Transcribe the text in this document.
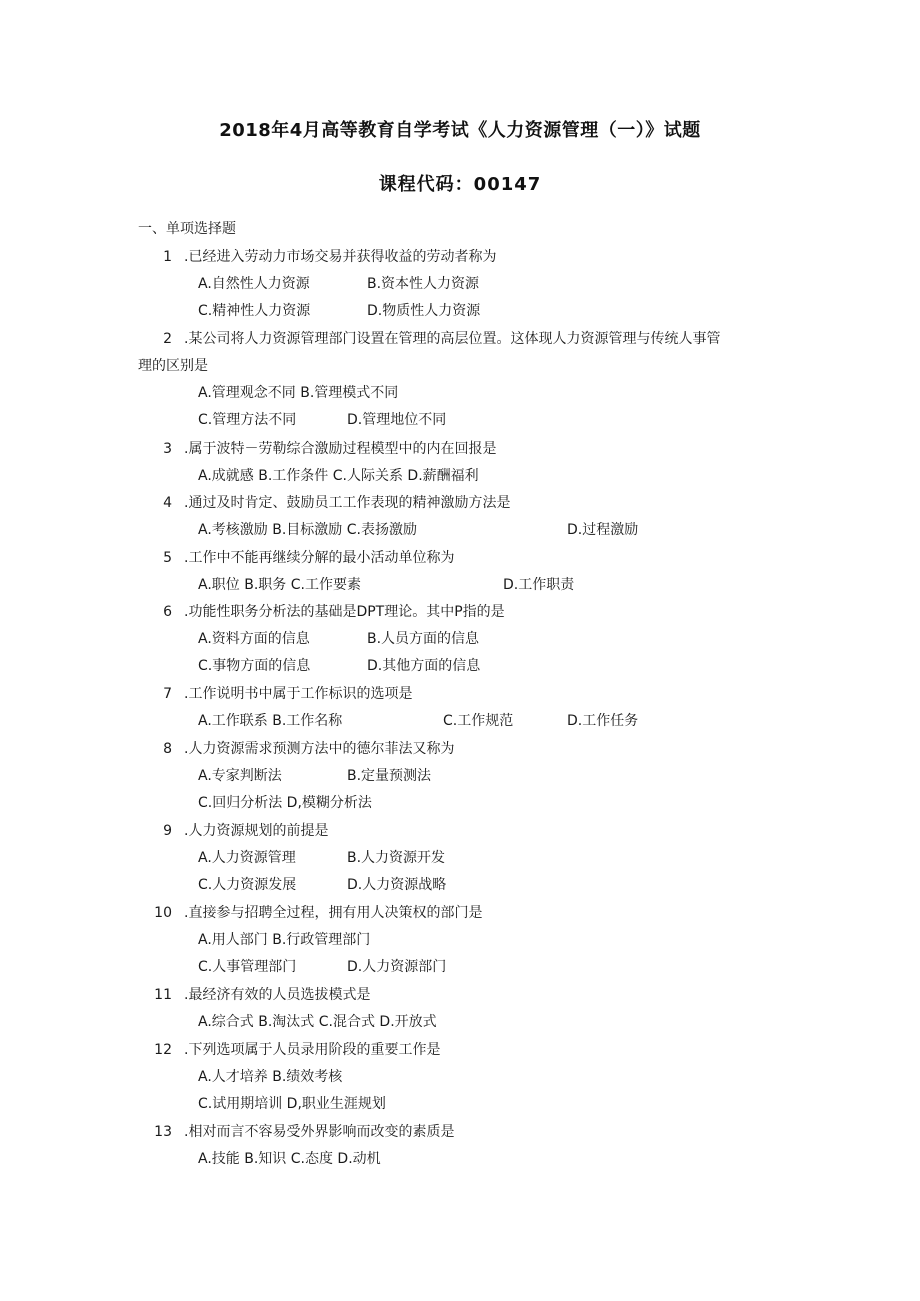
2018年4月高等教育自学考试《人力资源管理（一）》试题
课程代码：00147
一、单项选择题
1 .已经进入劳动力市场交易并获得收益的劳动者称为
A.自然性人力资源	B.资本性人力资源
C.精神性人力资源	D.物质性人力资源
2 .某公司将人力资源管理部门设置在管理的高层位置。这体现人力资源管理与传统人事管
理的区别是
A.管理观念不同 B.管理模式不同
C.管理方法不同	D.管理地位不同
3 .属于波特－劳勒综合激励过程模型中的内在回报是
A.成就感 B.工作条件 C.人际关系 D.薪酬福利
4 .通过及时肯定、鼓励员工工作表现的精神激励方法是
A.考核激励 B.目标激励 C.表扬激励	D.过程激励
5 .工作中不能再继续分解的最小活动单位称为
A.职位 B.职务 C.工作要素	D.工作职责
6 .功能性职务分析法的基础是DPT理论。其中P指的是
A.资料方面的信息	B.人员方面的信息
C.事物方面的信息	D.其他方面的信息
7 .工作说明书中属于工作标识的选项是
A.工作联系 B.工作名称	C.工作规范	D.工作任务
8 .人力资源需求预测方法中的德尔菲法又称为
A.专家判断法	B.定量预测法
C.回归分析法 D,模糊分析法
9 .人力资源规划的前提是
A.人力资源管理	B.人力资源开发
C.人力资源发展	D.人力资源战略
10 .直接参与招聘全过程，拥有用人决策权的部门是
A.用人部门 B.行政管理部门
C.人事管理部门	D.人力资源部门
11 .最经济有效的人员选拔模式是
A.综合式 B.淘汰式 C.混合式 D.开放式
12 .下列选项属于人员录用阶段的重要工作是
A.人才培养 B.绩效考核
C.试用期培训 D,职业生涯规划
13 .相对而言不容易受外界影响而改变的素质是
A.技能 B.知识 C.态度 D.动机
